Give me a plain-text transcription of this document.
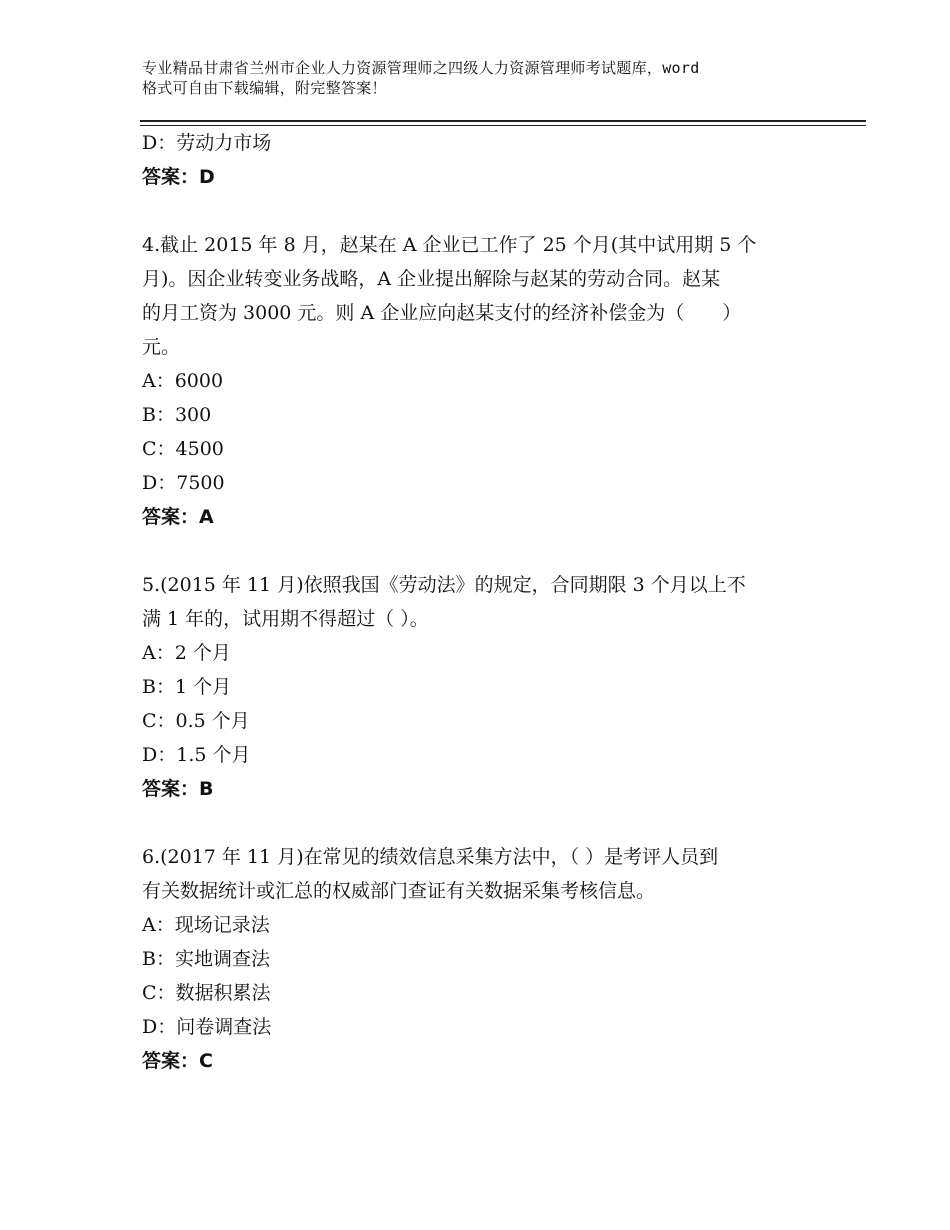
专业精品甘肃省兰州市企业人力资源管理师之四级人力资源管理师考试题库，word
格式可自由下载编辑，附完整答案！
D：劳动力市场
答案：D
4.截止 2015 年 8 月，赵某在 A 企业已工作了 25 个月(其中试用期 5 个
月)。因企业转变业务战略，A 企业提出解除与赵某的劳动合同。赵某
的月工资为 3000 元。则 A 企业应向赵某支付的经济补偿金为（　　）
元。
A：6000
B：300
C：4500
D：7500
答案：A
5.(2015 年 11 月)依照我国《劳动法》的规定，合同期限 3 个月以上不
满 1 年的，试用期不得超过（ ）。
A：2 个月
B：1 个月
C：0.5 个月
D：1.5 个月
答案：B
6.(2017 年 11 月)在常见的绩效信息采集方法中，（ ）是考评人员到
有关数据统计或汇总的权威部门查证有关数据采集考核信息。
A：现场记录法
B：实地调查法
C：数据积累法
D：问卷调查法
答案：C
